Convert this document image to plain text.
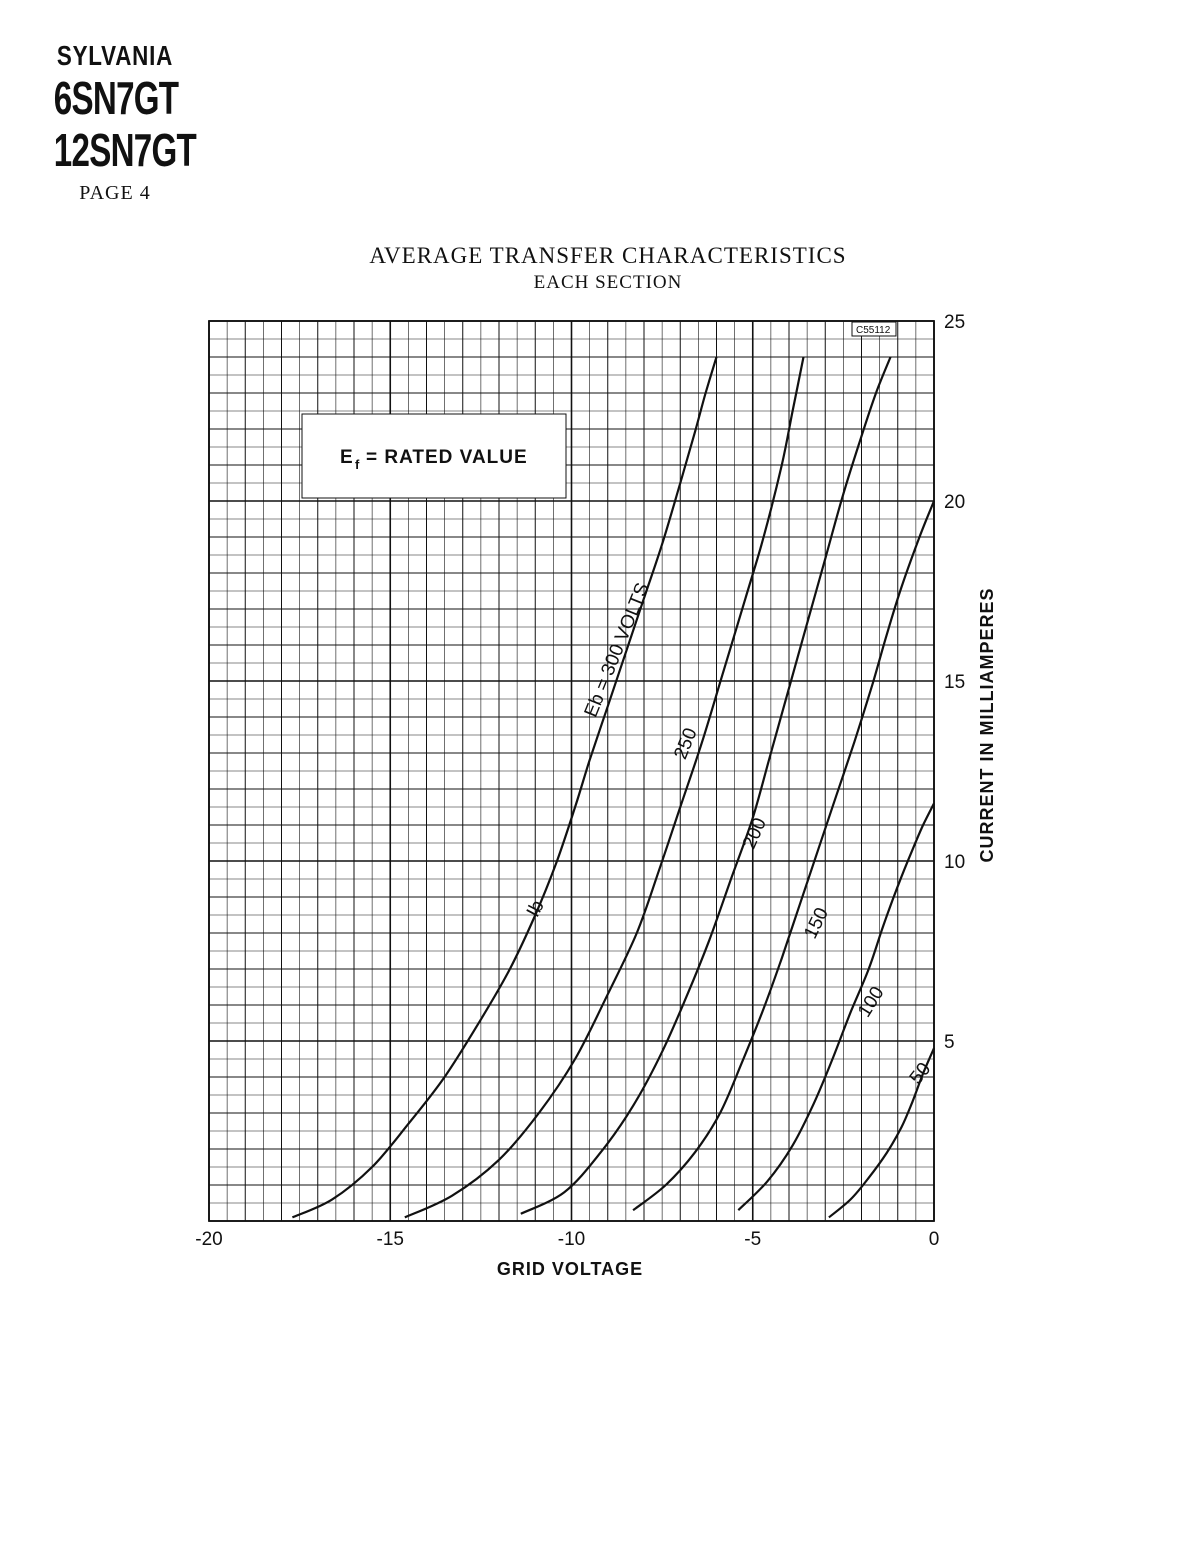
SYLVANIA
6SN7GT
12SN7GT
PAGE 4
AVERAGE TRANSFER CHARACTERISTICS
EACH SECTION
-20	-15	-10	-5	0
5
10
15
20
25
Eb = 300 VOLTS
250
200
150
100
50
Ib
E f = RATED VALUE
C55112
GRID VOLTAGE
CURRENT IN MILLIAMPERES
